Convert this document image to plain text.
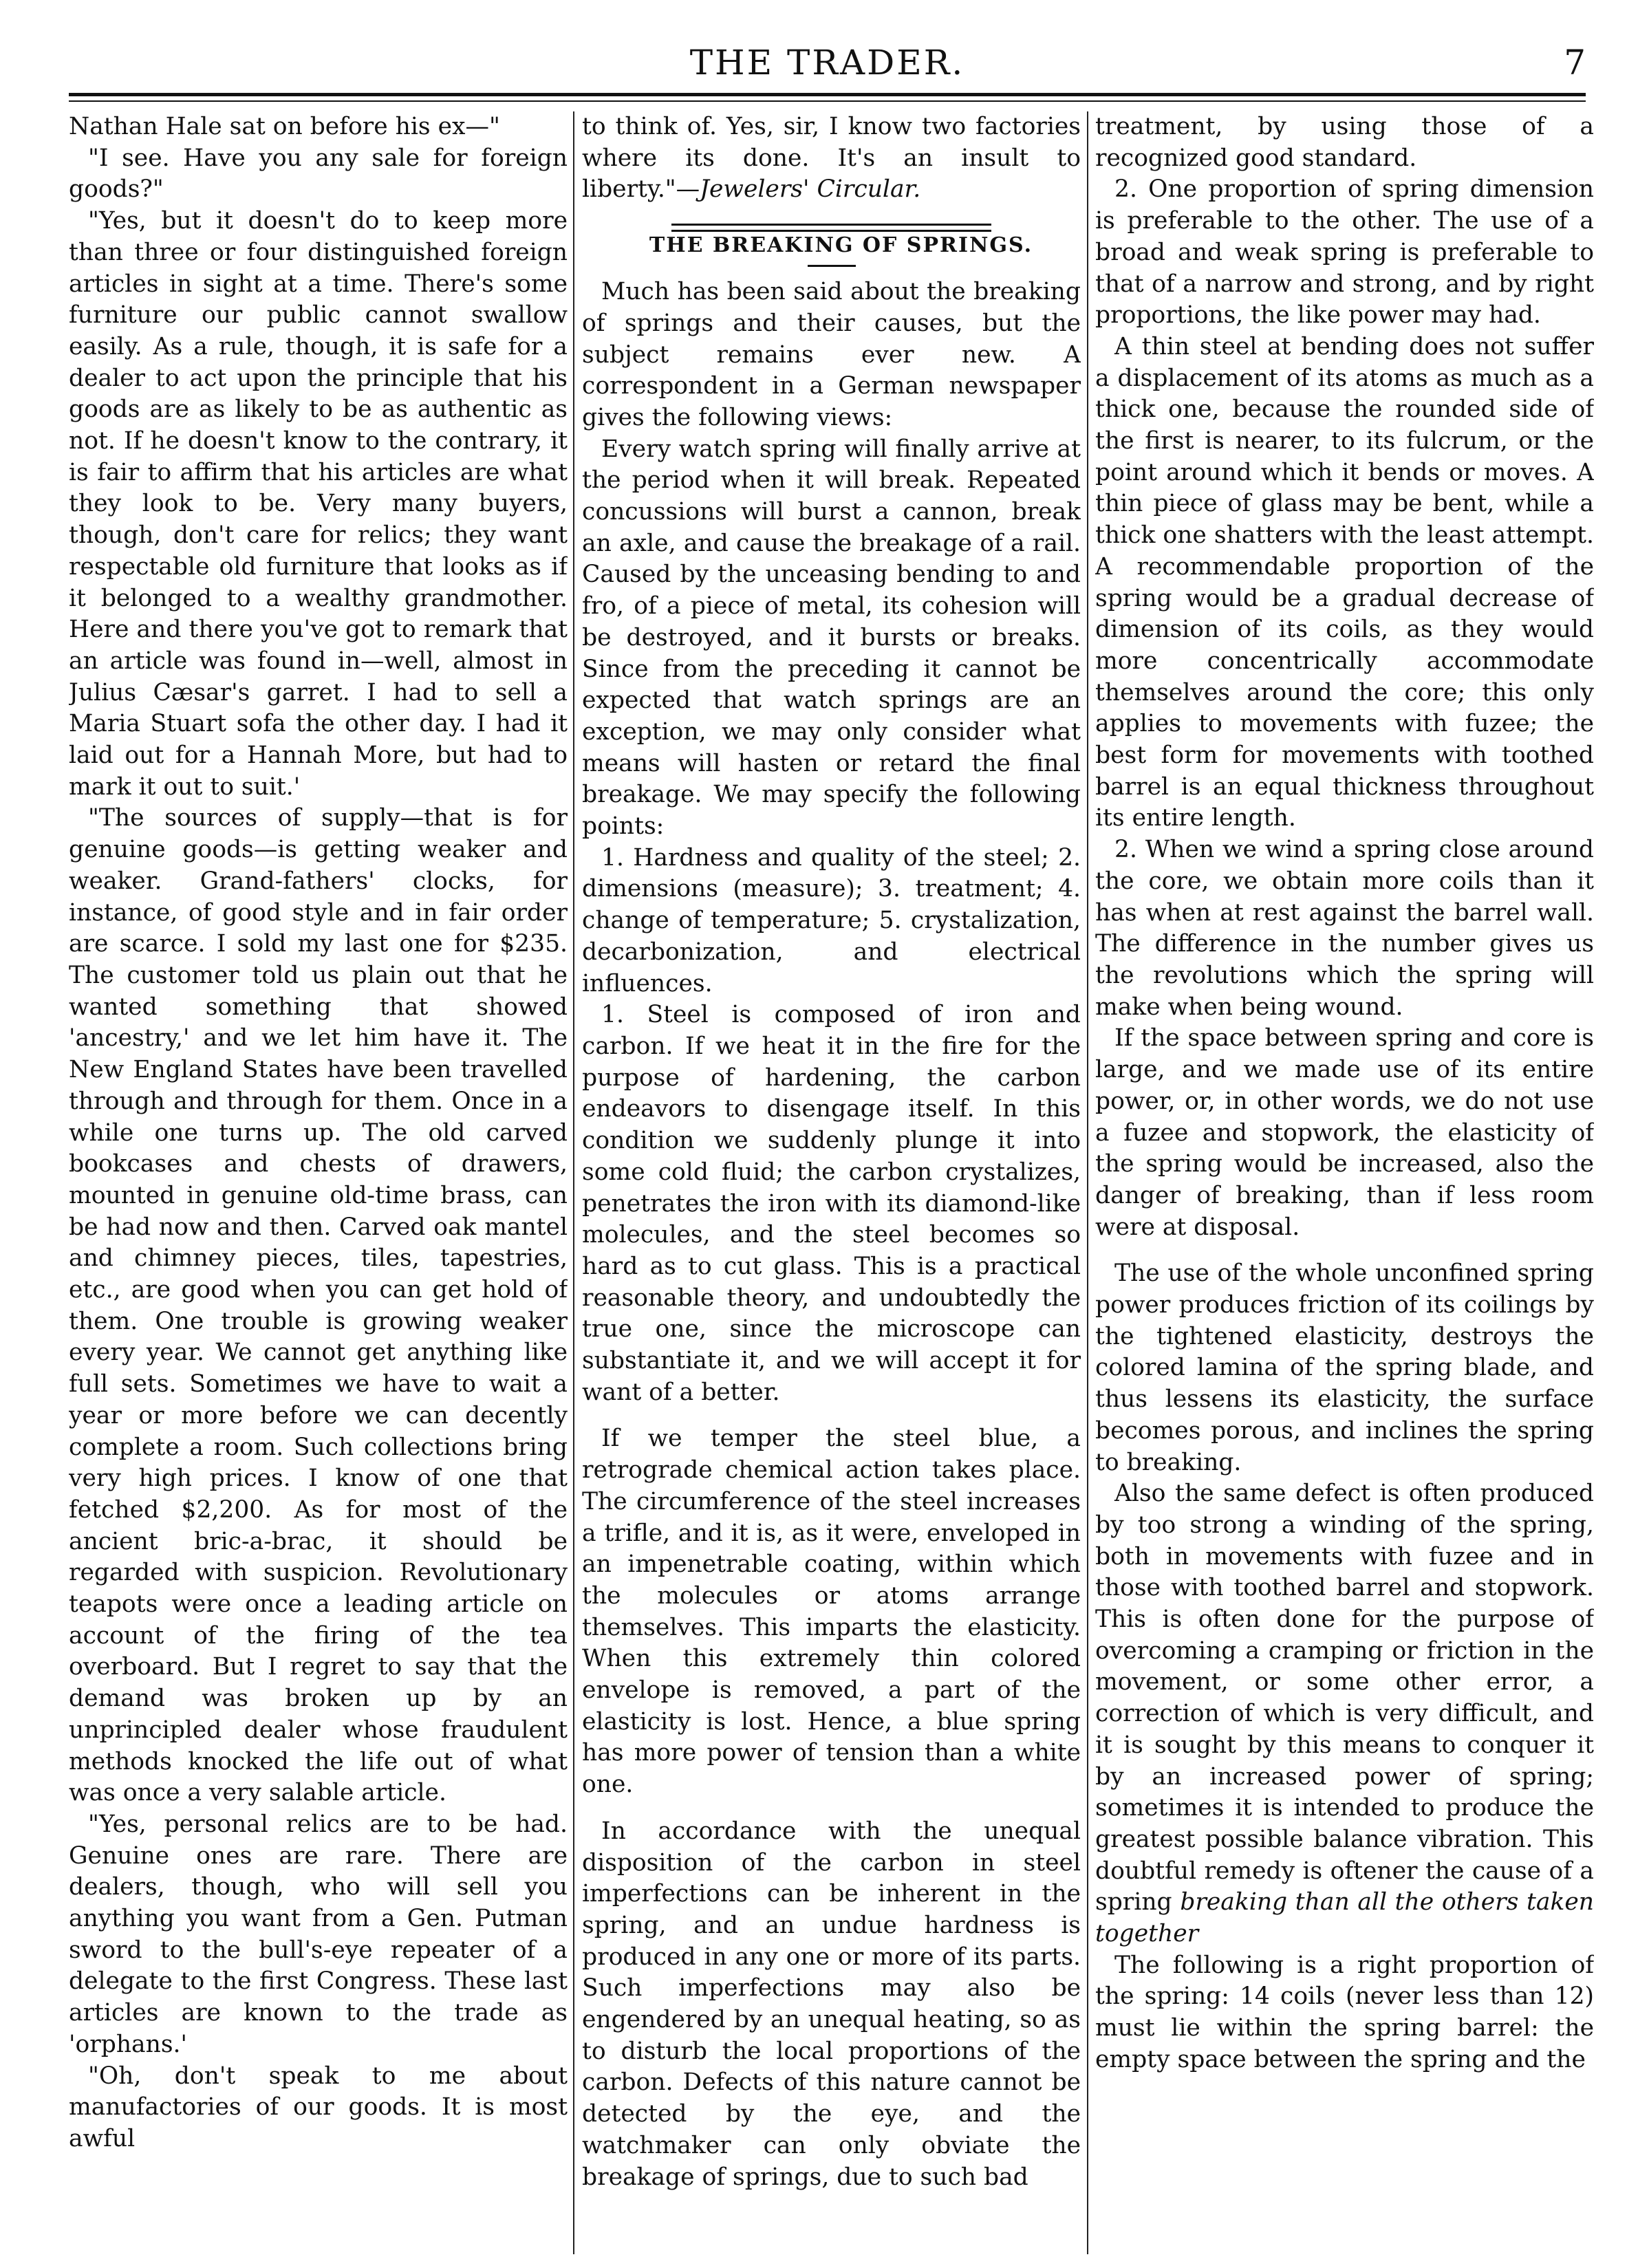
THE TRADER.	7

Nathan Hale sat on before his ex—"

"I see. Have you any sale for foreign goods?"

"Yes, but it doesn't do to keep more than three or four distinguished foreign articles in sight at a time. There's some furniture our public cannot swallow easily. As a rule, though, it is safe for a dealer to act upon the principle that his goods are as likely to be as authentic as not. If he doesn't know to the contrary, it is fair to affirm that his articles are what they look to be. Very many buyers, though, don't care for relics; they want respectable old furniture that looks as if it belonged to a wealthy grandmother. Here and there you've got to remark that an article was found in—well, almost in Julius Cæsar's garret. I had to sell a Maria Stuart sofa the other day. I had it laid out for a Hannah More, but had to mark it out to suit.'

"The sources of supply—that is for genuine goods—is getting weaker and weaker. Grand-fathers' clocks, for instance, of good style and in fair order are scarce. I sold my last one for $235. The customer told us plain out that he wanted something that showed 'ancestry,' and we let him have it. The New England States have been travelled through and through for them. Once in a while one turns up. The old carved bookcases and chests of drawers, mounted in genuine old-time brass, can be had now and then. Carved oak mantel and chimney pieces, tiles, tapestries, etc., are good when you can get hold of them. One trouble is growing weaker every year. We cannot get anything like full sets. Sometimes we have to wait a year or more before we can decently complete a room. Such collections bring very high prices. I know of one that fetched $2,200. As for most of the ancient bric-a-brac, it should be regarded with suspicion. Revolutionary teapots were once a leading article on account of the firing of the tea overboard. But I regret to say that the demand was broken up by an unprincipled dealer whose fraudulent methods knocked the life out of what was once a very salable article.

"Yes, personal relics are to be had. Genuine ones are rare. There are dealers, though, who will sell you anything you want from a Gen. Putman sword to the bull's-eye repeater of a delegate to the first Congress. These last articles are known to the trade as 'orphans.'

"Oh, don't speak to me about manufactories of our goods. It is most awful

to think of. Yes, sir, I know two factories where its done. It's an insult to liberty."—Jewelers' Circular.

THE BREAKING OF SPRINGS.

Much has been said about the breaking of springs and their causes, but the subject remains ever new. A correspondent in a German newspaper gives the following views:

Every watch spring will finally arrive at the period when it will break. Repeated concussions will burst a cannon, break an axle, and cause the breakage of a rail. Caused by the unceasing bending to and fro, of a piece of metal, its cohesion will be destroyed, and it bursts or breaks. Since from the preceding it cannot be expected that watch springs are an exception, we may only consider what means will hasten or retard the final breakage. We may specify the following points:

1. Hardness and quality of the steel; 2. dimensions (measure); 3. treatment; 4. change of temperature; 5. crystalization, decarbonization, and electrical influences.

1. Steel is composed of iron and carbon. If we heat it in the fire for the purpose of hardening, the carbon endeavors to disengage itself. In this condition we suddenly plunge it into some cold fluid; the carbon crystalizes, penetrates the iron with its diamond-like molecules, and the steel becomes so hard as to cut glass. This is a practical reasonable theory, and undoubtedly the true one, since the microscope can substantiate it, and we will accept it for want of a better.

If we temper the steel blue, a retrograde chemical action takes place. The circumference of the steel increases a trifle, and it is, as it were, enveloped in an impenetrable coating, within which the molecules or atoms arrange themselves. This imparts the elasticity. When this extremely thin colored envelope is removed, a part of the elasticity is lost. Hence, a blue spring has more power of tension than a white one.

In accordance with the unequal disposition of the carbon in steel imperfections can be inherent in the spring, and an undue hardness is produced in any one or more of its parts. Such imperfections may also be engendered by an unequal heating, so as to disturb the local proportions of the carbon. Defects of this nature cannot be detected by the eye, and the watchmaker can only obviate the breakage of springs, due to such bad

treatment, by using those of a recognized good standard.

2. One proportion of spring dimension is preferable to the other. The use of a broad and weak spring is preferable to that of a narrow and strong, and by right proportions, the like power may had.

A thin steel at bending does not suffer a displacement of its atoms as much as a thick one, because the rounded side of the first is nearer, to its fulcrum, or the point around which it bends or moves. A thin piece of glass may be bent, while a thick one shatters with the least attempt. A recommendable proportion of the spring would be a gradual decrease of dimension of its coils, as they would more concentrically accommodate themselves around the core; this only applies to movements with fuzee; the best form for movements with toothed barrel is an equal thickness throughout its entire length.

2. When we wind a spring close around the core, we obtain more coils than it has when at rest against the barrel wall. The difference in the number gives us the revolutions which the spring will make when being wound.

If the space between spring and core is large, and we made use of its entire power, or, in other words, we do not use a fuzee and stopwork, the elasticity of the spring would be increased, also the danger of breaking, than if less room were at disposal.

The use of the whole unconfined spring power produces friction of its coilings by the tightened elasticity, destroys the colored lamina of the spring blade, and thus lessens its elasticity, the surface becomes porous, and inclines the spring to breaking.

Also the same defect is often produced by too strong a winding of the spring, both in movements with fuzee and in those with toothed barrel and stopwork. This is often done for the purpose of overcoming a cramping or friction in the movement, or some other error, a correction of which is very difficult, and it is sought by this means to conquer it by an increased power of spring; sometimes it is intended to produce the greatest possible balance vibration. This doubtful remedy is oftener the cause of a spring breaking than all the others taken together

The following is a right proportion of the spring: 14 coils (never less than 12) must lie within the spring barrel: the empty space between the spring and the
